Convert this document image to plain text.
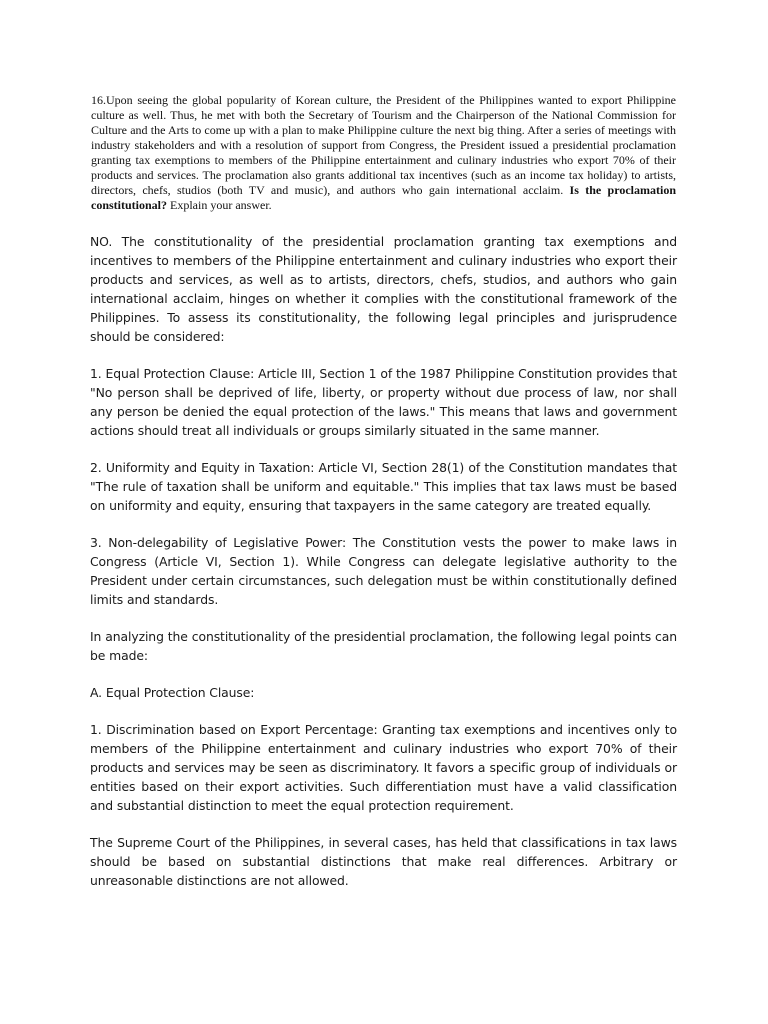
16.Upon seeing the global popularity of Korean culture, the President of the Philippines wanted to export Philippine culture as well. Thus, he met with both the Secretary of Tourism and the Chairperson of the National Commission for Culture and the Arts to come up with a plan to make Philippine culture the next big thing. After a series of meetings with industry stakeholders and with a resolution of support from Congress, the President issued a presidential proclamation granting tax exemptions to members of the Philippine entertainment and culinary industries who export 70% of their products and services. The proclamation also grants additional tax incentives (such as an income tax holiday) to artists, directors, chefs, studios (both TV and music), and authors who gain international acclaim. Is the proclamation constitutional? Explain your answer.

NO. The constitutionality of the presidential proclamation granting tax exemptions and incentives to members of the Philippine entertainment and culinary industries who export their products and services, as well as to artists, directors, chefs, studios, and authors who gain international acclaim, hinges on whether it complies with the constitutional framework of the Philippines. To assess its constitutionality, the following legal principles and jurisprudence should be considered:

1. Equal Protection Clause: Article III, Section 1 of the 1987 Philippine Constitution provides that "No person shall be deprived of life, liberty, or property without due process of law, nor shall any person be denied the equal protection of the laws." This means that laws and government actions should treat all individuals or groups similarly situated in the same manner.

2. Uniformity and Equity in Taxation: Article VI, Section 28(1) of the Constitution mandates that "The rule of taxation shall be uniform and equitable." This implies that tax laws must be based on uniformity and equity, ensuring that taxpayers in the same category are treated equally.

3. Non-delegability of Legislative Power: The Constitution vests the power to make laws in Congress (Article VI, Section 1). While Congress can delegate legislative authority to the President under certain circumstances, such delegation must be within constitutionally defined limits and standards.

In analyzing the constitutionality of the presidential proclamation, the following legal points can be made:

A. Equal Protection Clause:

1. Discrimination based on Export Percentage: Granting tax exemptions and incentives only to members of the Philippine entertainment and culinary industries who export 70% of their products and services may be seen as discriminatory. It favors a specific group of individuals or entities based on their export activities. Such differentiation must have a valid classification and substantial distinction to meet the equal protection requirement.

The Supreme Court of the Philippines, in several cases, has held that classifications in tax laws should be based on substantial distinctions that make real differences. Arbitrary or unreasonable distinctions are not allowed.
